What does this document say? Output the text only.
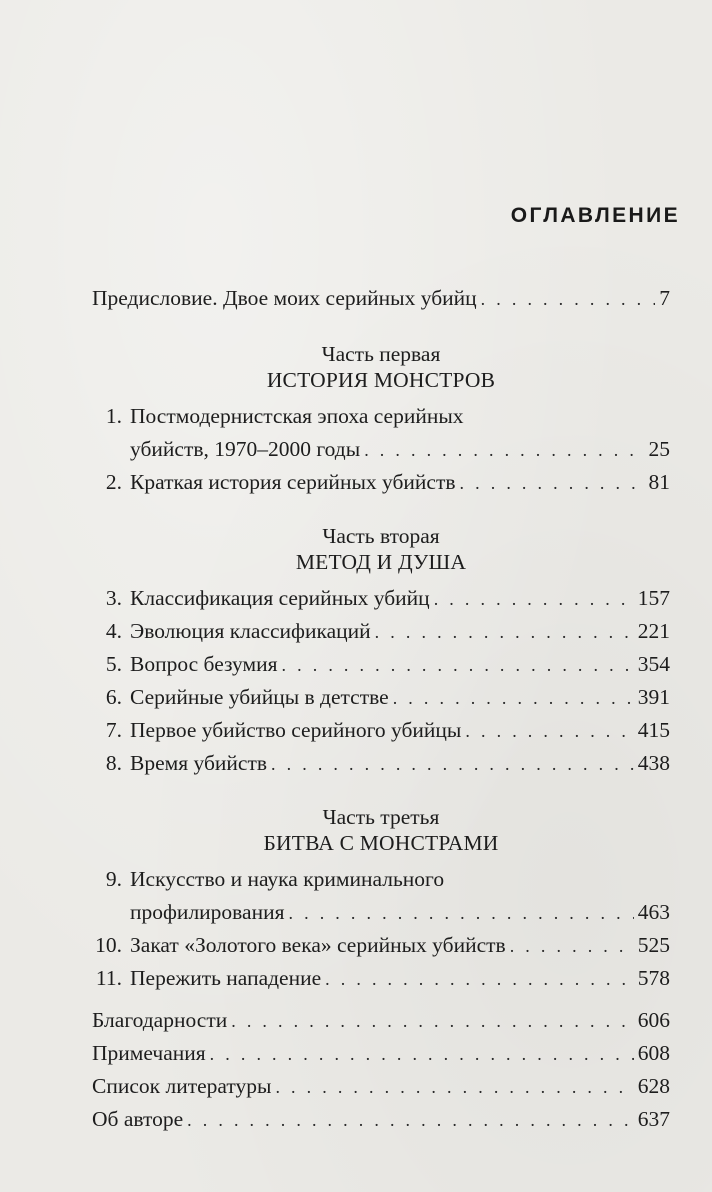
ОГЛАВЛЕНИЕ
Предисловие. Двое моих серийных убийц . . .	7
Часть первая
ИСТОРИЯ МОНСТРОВ
1. Постмодернистская эпоха серийных
убийств, 1970–2000 годы . . .	25
2. Краткая история серийных убийств . . .	81
Часть вторая
МЕТОД И ДУША
3. Классификация серийных убийц . . .	157
4. Эволюция классификаций . . .	221
5. Вопрос безумия . . .	354
6. Серийные убийцы в детстве . . .	391
7. Первое убийство серийного убийцы . . .	415
8. Время убийств . . .	438
Часть третья
БИТВА С МОНСТРАМИ
9. Искусство и наука криминального
профилирования . . .	463
10. Закат «Золотого века» серийных убийств . . .	525
11. Пережить нападение . . .	578
Благодарности . . .	606
Примечания . . .	608
Список литературы . . .	628
Об авторе . . .	637
